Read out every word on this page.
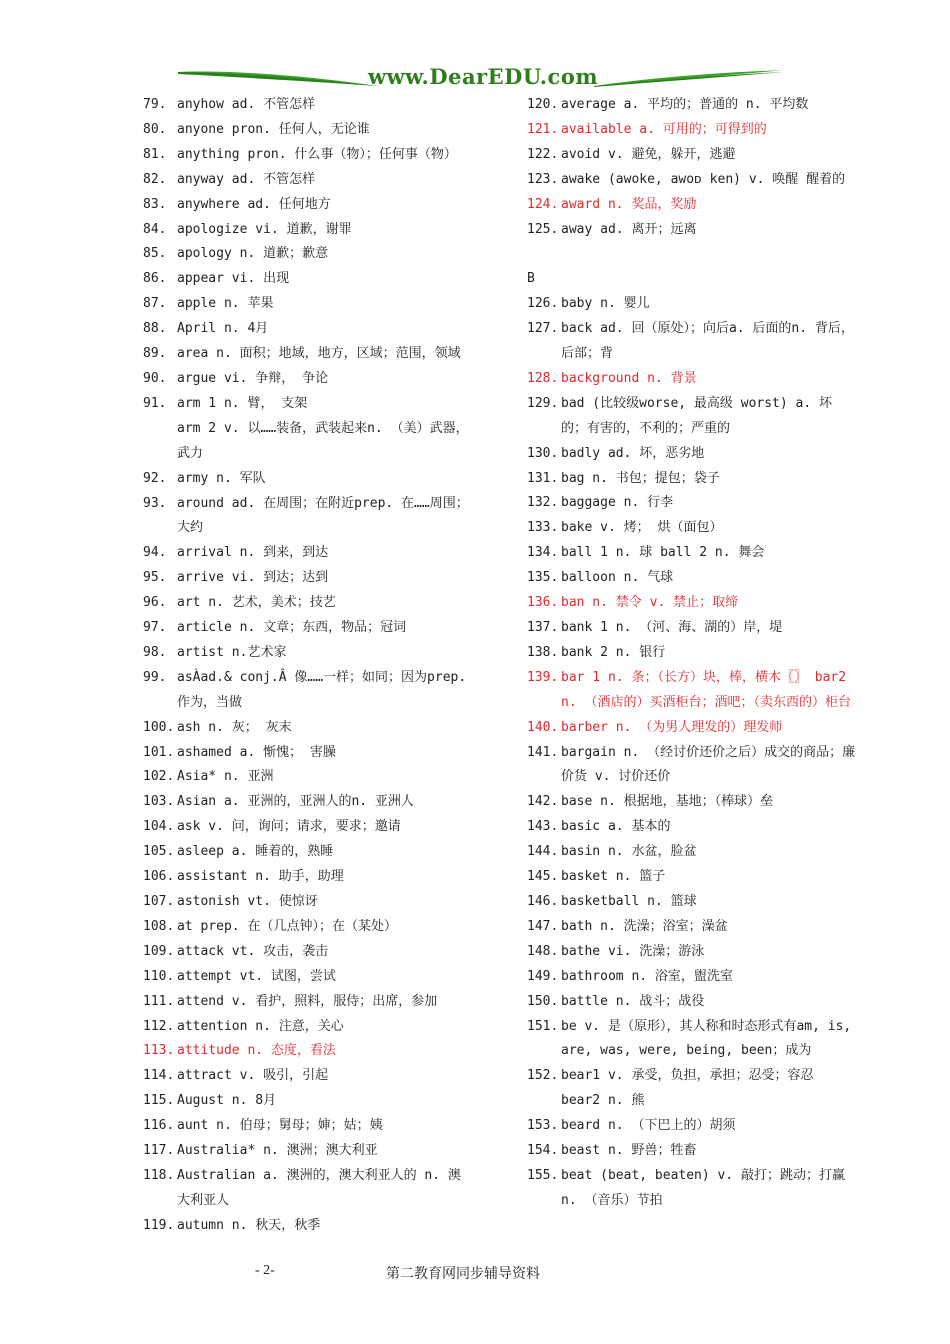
www.DearEDU.com
79. anyhow ad. 不管怎样
80. anyone pron. 任何人，无论谁
81. anything pron. 什么事（物）；任何事（物）
82. anyway ad. 不管怎样
83. anywhere ad. 任何地方
84. apologize vi. 道歉，谢罪
85. apology n. 道歉；歉意
86. appear vi. 出现
87. apple n. 苹果
88. April n. 4月
89. area n. 面积；地域，地方，区域；范围，领域
90. argue vi. 争辩， 争论
91. arm 1 n. 臂， 支架
arm 2 v. 以……装备，武装起来n. （美）武器，武力
92. army n. 军队
93. around ad. 在周围；在附近prep. 在……周围；大约
94. arrival n. 到来，到达
95. arrive vi. 到达；达到
96. art n. 艺术，美术；技艺
97. article n. 文章；东西，物品；冠词
98. artist n.艺术家
99. asÀad.& conj.Â 像……一样；如同；因为prep. 作为，当做
100. ash n. 灰； 灰末
101. ashamed a. 惭愧； 害臊
102. Asia* n. 亚洲
103. Asian a. 亚洲的，亚洲人的n. 亚洲人
104. ask v. 问，询问；请求，要求；邀请
105. asleep a. 睡着的，熟睡
106. assistant n. 助手，助理
107. astonish vt. 使惊讶
108. at prep. 在（几点钟）；在（某处）
109. attack vt. 攻击，袭击
110. attempt vt. 试图，尝试
111. attend v. 看护，照料，服侍；出席，参加
112. attention n. 注意，关心
113. attitude n. 态度，看法
114. attract v. 吸引，引起
115. August n. 8月
116. aunt n. 伯母；舅母；婶；姑；姨
117. Australia* n. 澳洲；澳大利亚
118. Australian a. 澳洲的，澳大利亚人的 n. 澳大利亚人
119. autumn n. 秋天，秋季
120. average a. 平均的；普通的 n. 平均数
121. available a. 可用的；可得到的
122. avoid v. 避免，躲开，逃避
123. awake (awoke, awoᴅ ken) v. 唤醒 醒着的
124. award n. 奖品，奖励
125. away ad. 离开；远离
B
126. baby n. 婴儿
127. back ad. 回（原处）；向后a. 后面的n. 背后，后部；背
128. background n. 背景
129. bad (比较级worse, 最高级 worst) a. 坏的；有害的，不利的；严重的
130. badly ad. 坏，恶劣地
131. bag n. 书包；提包；袋子
132. baggage n. 行李
133. bake v. 烤； 烘（面包）
134. ball 1 n. 球 ball 2 n. 舞会
135. balloon n. 气球
136. ban n. 禁令 v. 禁止；取缔
137. bank 1 n. （河、海、湖的）岸，堤
138. bank 2 n. 银行
139. bar 1 n. 条；（长方）块，棒，横木〖〗 bar2 n. （酒店的）买酒柜台；酒吧；（卖东西的）柜台
140. barber n. （为男人理发的）理发师
141. bargain n. （经讨价还价之后）成交的商品；廉价货 v. 讨价还价
142. base n. 根据地，基地；（棒球）垒
143. basic a. 基本的
144. basin n. 水盆，脸盆
145. basket n. 篮子
146. basketball n. 篮球
147. bath n. 洗澡；浴室；澡盆
148. bathe vi. 洗澡；游泳
149. bathroom n. 浴室，盥洗室
150. battle n. 战斗；战役
151. be v. 是（原形），其人称和时态形式有am, is, are, was, were, being, been；成为
152. bear1 v. 承受，负担，承担；忍受；容忍 bear2 n. 熊
153. beard n. （下巴上的）胡须
154. beast n. 野兽；牲畜
155. beat (beat, beaten) v. 敲打；跳动；打赢 n. （音乐）节拍
- 2-	第二教育网同步辅导资料
